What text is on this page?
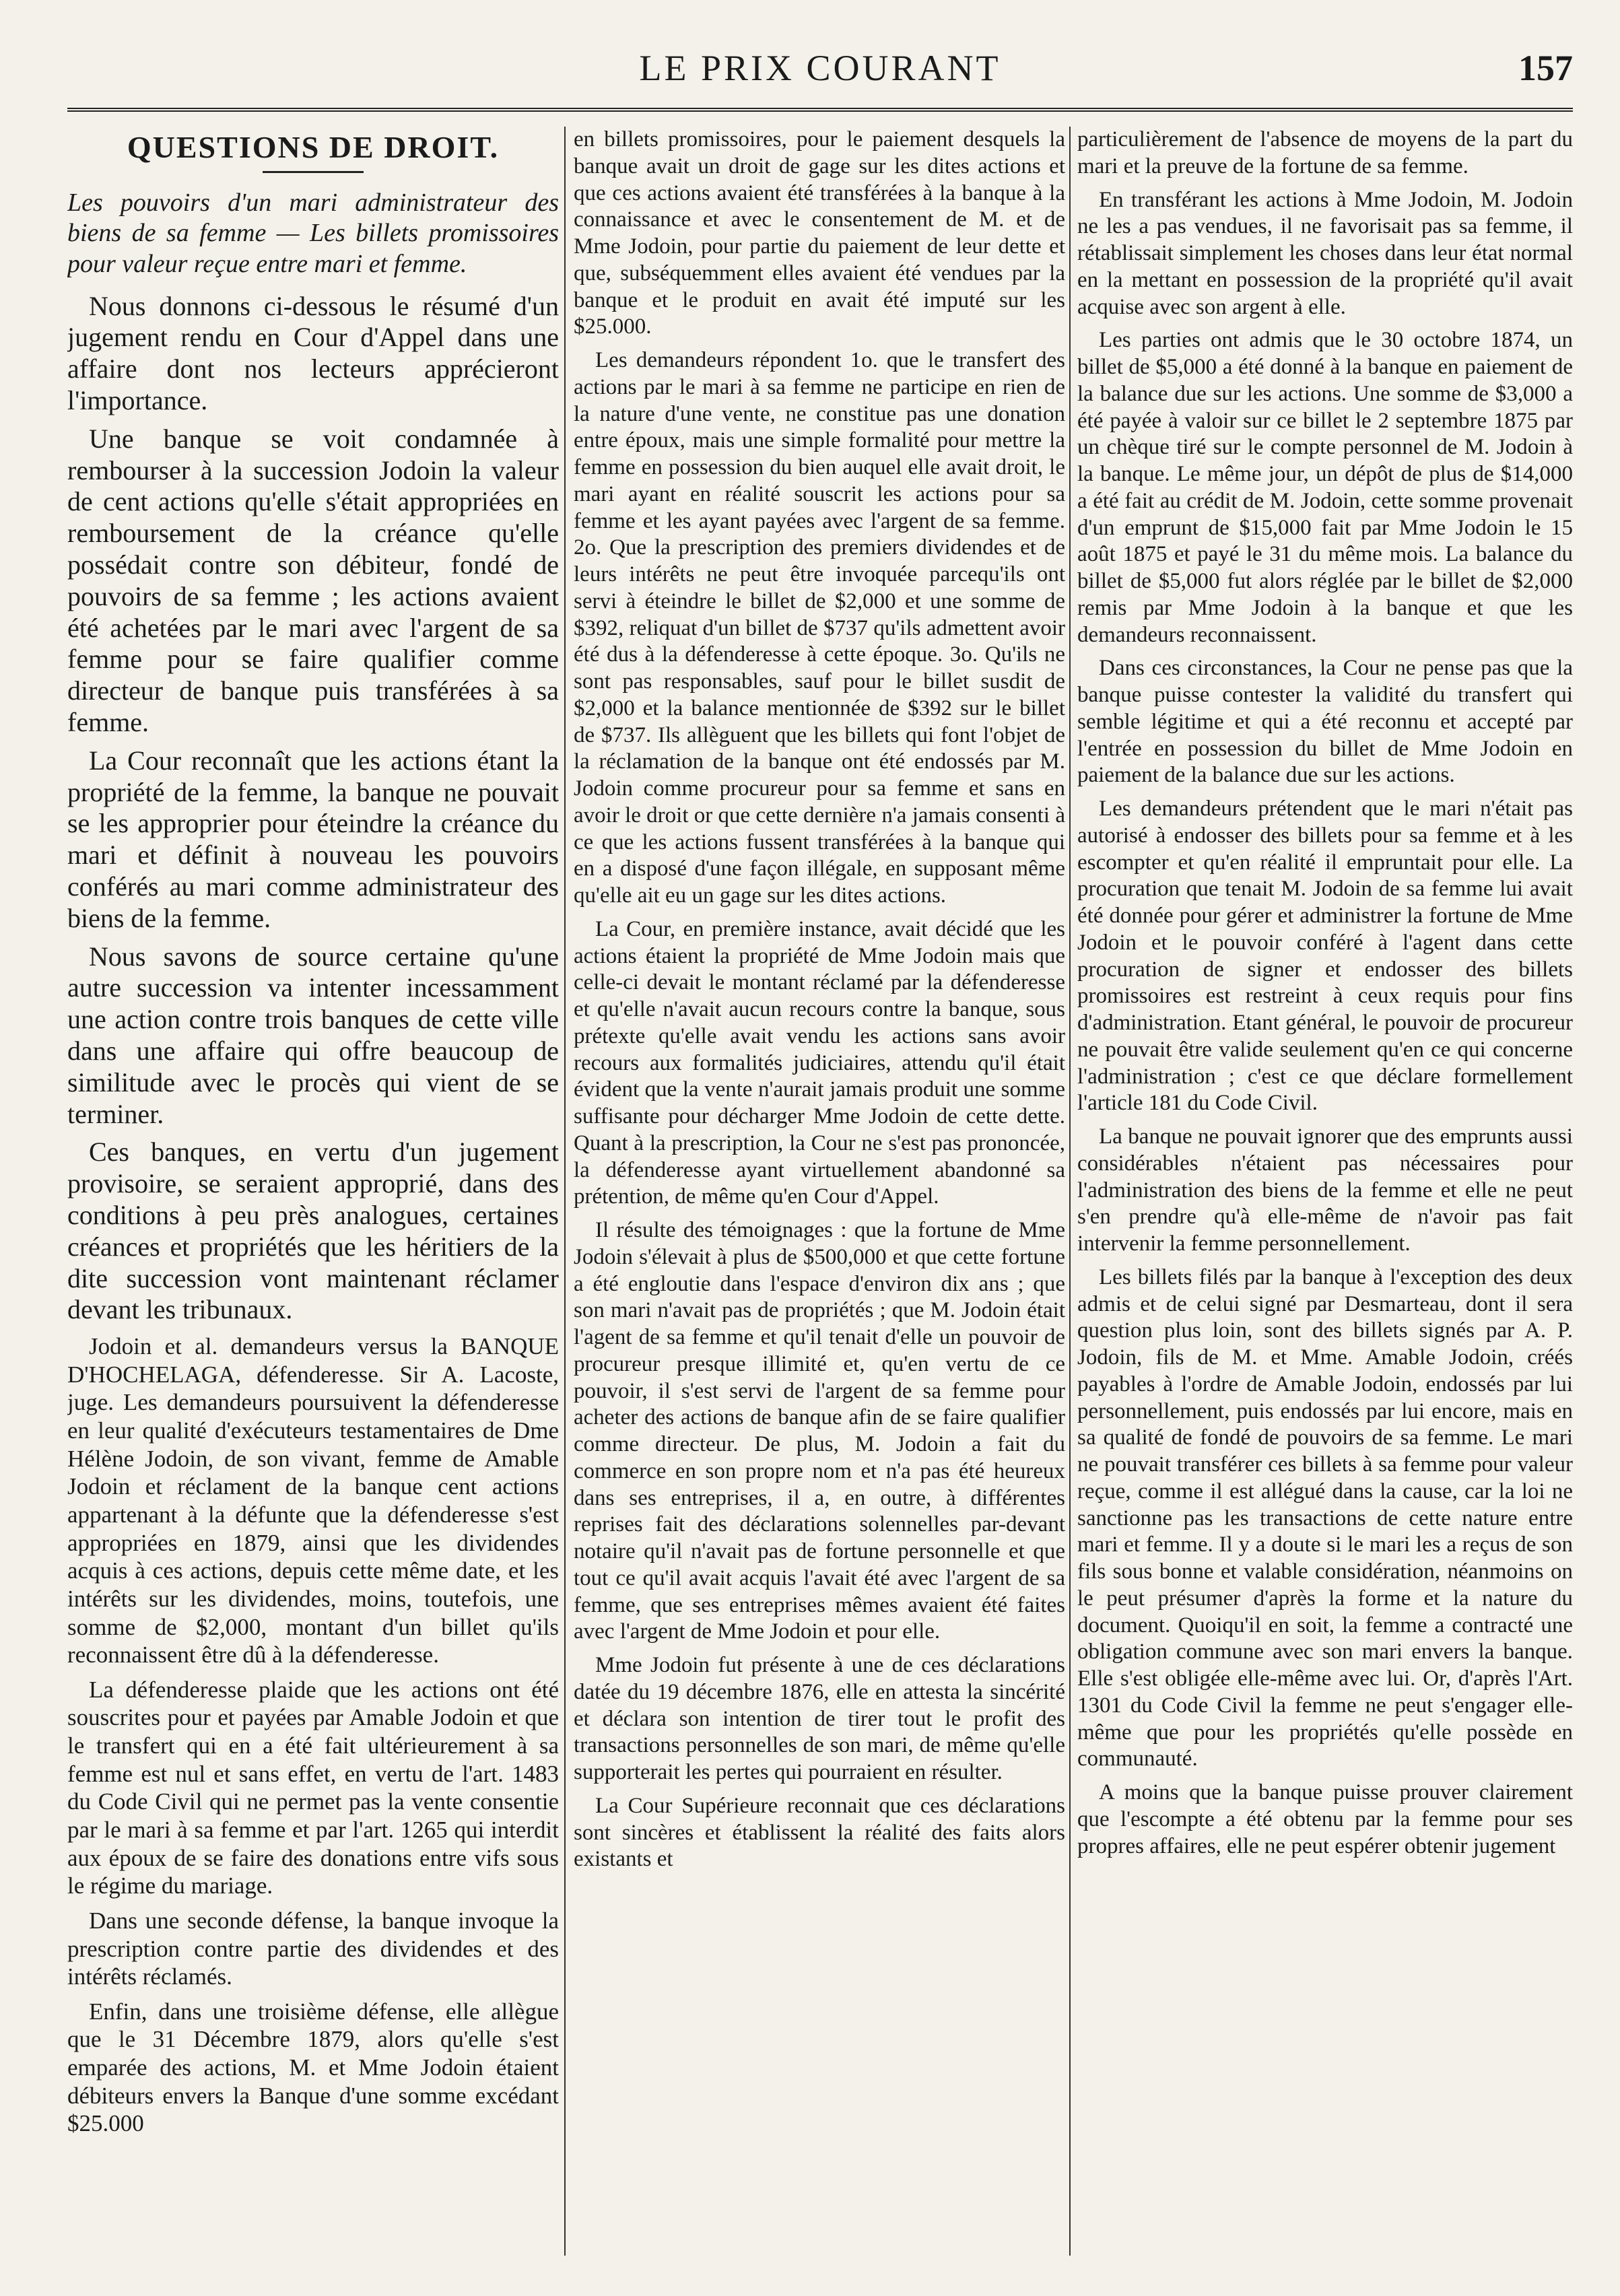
LE PRIX COURANT	157
QUESTIONS DE DROIT.

Les pouvoirs d'un mari administrateur des biens de sa femme — Les billets promissoires pour valeur reçue entre mari et femme.

Nous donnons ci-dessous le résumé d'un jugement rendu en Cour d'Appel dans une affaire dont nos lecteurs apprécieront l'importance.

Une banque se voit condamnée à rembourser à la succession Jodoin la valeur de cent actions qu'elle s'était appropriées en remboursement de la créance qu'elle possédait contre son débiteur, fondé de pouvoirs de sa femme ; les actions avaient été achetées par le mari avec l'argent de sa femme pour se faire qualifier comme directeur de banque puis transférées à sa femme.

La Cour reconnaît que les actions étant la propriété de la femme, la banque ne pouvait se les approprier pour éteindre la créance du mari et définit à nouveau les pouvoirs conférés au mari comme administrateur des biens de la femme.

Nous savons de source certaine qu'une autre succession va intenter incessamment une action contre trois banques de cette ville dans une affaire qui offre beaucoup de similitude avec le procès qui vient de se terminer.

Ces banques, en vertu d'un jugement provisoire, se seraient approprié, dans des conditions à peu près analogues, certaines créances et propriétés que les héritiers de la dite succession vont maintenant réclamer devant les tribunaux.

Jodoin et al. demandeurs versus la BANQUE D'HOCHELAGA, défenderesse. Sir A. Lacoste, juge. Les demandeurs poursuivent la défenderesse en leur qualité d'exécuteurs testamentaires de Dme Hélène Jodoin, de son vivant, femme de Amable Jodoin et réclament de la banque cent actions appartenant à la défunte que la défenderesse s'est appropriées en 1879, ainsi que les dividendes acquis à ces actions, depuis cette même date, et les intérêts sur les dividendes, moins, toutefois, une somme de $2,000, montant d'un billet qu'ils reconnaissent être dû à la défenderesse.

La défenderesse plaide que les actions ont été souscrites pour et payées par Amable Jodoin et que le transfert qui en a été fait ultérieurement à sa femme est nul et sans effet, en vertu de l'art. 1483 du Code Civil qui ne permet pas la vente consentie par le mari à sa femme et par l'art. 1265 qui interdit aux époux de se faire des donations entre vifs sous le régime du mariage.

Dans une seconde défense, la banque invoque la prescription contre partie des dividendes et des intérêts réclamés.

Enfin, dans une troisième défense, elle allègue que le 31 Décembre 1879, alors qu'elle s'est emparée des actions, M. et Mme Jodoin étaient débiteurs envers la Banque d'une somme excédant $25.000

en billets promissoires, pour le paiement desquels la banque avait un droit de gage sur les dites actions et que ces actions avaient été transférées à la banque à la connaissance et avec le consentement de M. et de Mme Jodoin, pour partie du paiement de leur dette et que, subséquemment elles avaient été vendues par la banque et le produit en avait été imputé sur les $25.000.

Les demandeurs répondent 1o. que le transfert des actions par le mari à sa femme ne participe en rien de la nature d'une vente, ne constitue pas une donation entre époux, mais une simple formalité pour mettre la femme en possession du bien auquel elle avait droit, le mari ayant en réalité souscrit les actions pour sa femme et les ayant payées avec l'argent de sa femme. 2o. Que la prescription des premiers dividendes et de leurs intérêts ne peut être invoquée parcequ'ils ont servi à éteindre le billet de $2,000 et une somme de $392, reliquat d'un billet de $737 qu'ils admettent avoir été dus à la défenderesse à cette époque. 3o. Qu'ils ne sont pas responsables, sauf pour le billet susdit de $2,000 et la balance mentionnée de $392 sur le billet de $737. Ils allèguent que les billets qui font l'objet de la réclamation de la banque ont été endossés par M. Jodoin comme procureur pour sa femme et sans en avoir le droit or que cette dernière n'a jamais consenti à ce que les actions fussent transférées à la banque qui en a disposé d'une façon illégale, en supposant même qu'elle ait eu un gage sur les dites actions.

La Cour, en première instance, avait décidé que les actions étaient la propriété de Mme Jodoin mais que celle-ci devait le montant réclamé par la défenderesse et qu'elle n'avait aucun recours contre la banque, sous prétexte qu'elle avait vendu les actions sans avoir recours aux formalités judiciaires, attendu qu'il était évident que la vente n'aurait jamais produit une somme suffisante pour décharger Mme Jodoin de cette dette. Quant à la prescription, la Cour ne s'est pas prononcée, la défenderesse ayant virtuellement abandonné sa prétention, de même qu'en Cour d'Appel.

Il résulte des témoignages : que la fortune de Mme Jodoin s'élevait à plus de $500,000 et que cette fortune a été engloutie dans l'espace d'environ dix ans ; que son mari n'avait pas de propriétés ; que M. Jodoin était l'agent de sa femme et qu'il tenait d'elle un pouvoir de procureur presque illimité et, qu'en vertu de ce pouvoir, il s'est servi de l'argent de sa femme pour acheter des actions de banque afin de se faire qualifier comme directeur. De plus, M. Jodoin a fait du commerce en son propre nom et n'a pas été heureux dans ses entreprises, il a, en outre, à différentes reprises fait des déclarations solennelles par-devant notaire qu'il n'avait pas de fortune personnelle et que tout ce qu'il avait acquis l'avait été avec l'argent de sa femme, que ses entreprises mêmes avaient été faites avec l'argent de Mme Jodoin et pour elle.

Mme Jodoin fut présente à une de ces déclarations datée du 19 décembre 1876, elle en attesta la sincérité et déclara son intention de tirer tout le profit des transactions personnelles de son mari, de même qu'elle supporterait les pertes qui pourraient en résulter.

La Cour Supérieure reconnait que ces déclarations sont sincères et établissent la réalité des faits alors existants et

particulièrement de l'absence de moyens de la part du mari et la preuve de la fortune de sa femme.

En transférant les actions à Mme Jodoin, M. Jodoin ne les a pas vendues, il ne favorisait pas sa femme, il rétablissait simplement les choses dans leur état normal en la mettant en possession de la propriété qu'il avait acquise avec son argent à elle.

Les parties ont admis que le 30 octobre 1874, un billet de $5,000 a été donné à la banque en paiement de la balance due sur les actions. Une somme de $3,000 a été payée à valoir sur ce billet le 2 septembre 1875 par un chèque tiré sur le compte personnel de M. Jodoin à la banque. Le même jour, un dépôt de plus de $14,000 a été fait au crédit de M. Jodoin, cette somme provenait d'un emprunt de $15,000 fait par Mme Jodoin le 15 août 1875 et payé le 31 du même mois. La balance du billet de $5,000 fut alors réglée par le billet de $2,000 remis par Mme Jodoin à la banque et que les demandeurs reconnaissent.

Dans ces circonstances, la Cour ne pense pas que la banque puisse contester la validité du transfert qui semble légitime et qui a été reconnu et accepté par l'entrée en possession du billet de Mme Jodoin en paiement de la balance due sur les actions.

Les demandeurs prétendent que le mari n'était pas autorisé à endosser des billets pour sa femme et à les escompter et qu'en réalité il empruntait pour elle. La procuration que tenait M. Jodoin de sa femme lui avait été donnée pour gérer et administrer la fortune de Mme Jodoin et le pouvoir conféré à l'agent dans cette procuration de signer et endosser des billets promissoires est restreint à ceux requis pour fins d'administration. Etant général, le pouvoir de procureur ne pouvait être valide seulement qu'en ce qui concerne l'administration ; c'est ce que déclare formellement l'article 181 du Code Civil.

La banque ne pouvait ignorer que des emprunts aussi considérables n'étaient pas nécessaires pour l'administration des biens de la femme et elle ne peut s'en prendre qu'à elle-même de n'avoir pas fait intervenir la femme personnellement.

Les billets filés par la banque à l'exception des deux admis et de celui signé par Desmarteau, dont il sera question plus loin, sont des billets signés par A. P. Jodoin, fils de M. et Mme. Amable Jodoin, créés payables à l'ordre de Amable Jodoin, endossés par lui personnellement, puis endossés par lui encore, mais en sa qualité de fondé de pouvoirs de sa femme. Le mari ne pouvait transférer ces billets à sa femme pour valeur reçue, comme il est allégué dans la cause, car la loi ne sanctionne pas les transactions de cette nature entre mari et femme. Il y a doute si le mari les a reçus de son fils sous bonne et valable considération, néanmoins on le peut présumer d'après la forme et la nature du document. Quoiqu'il en soit, la femme a contracté une obligation commune avec son mari envers la banque. Elle s'est obligée elle-même avec lui. Or, d'après l'Art. 1301 du Code Civil la femme ne peut s'engager elle-même que pour les propriétés qu'elle possède en communauté.

A moins que la banque puisse prouver clairement que l'escompte a été obtenu par la femme pour ses propres affaires, elle ne peut espérer obtenir jugement
